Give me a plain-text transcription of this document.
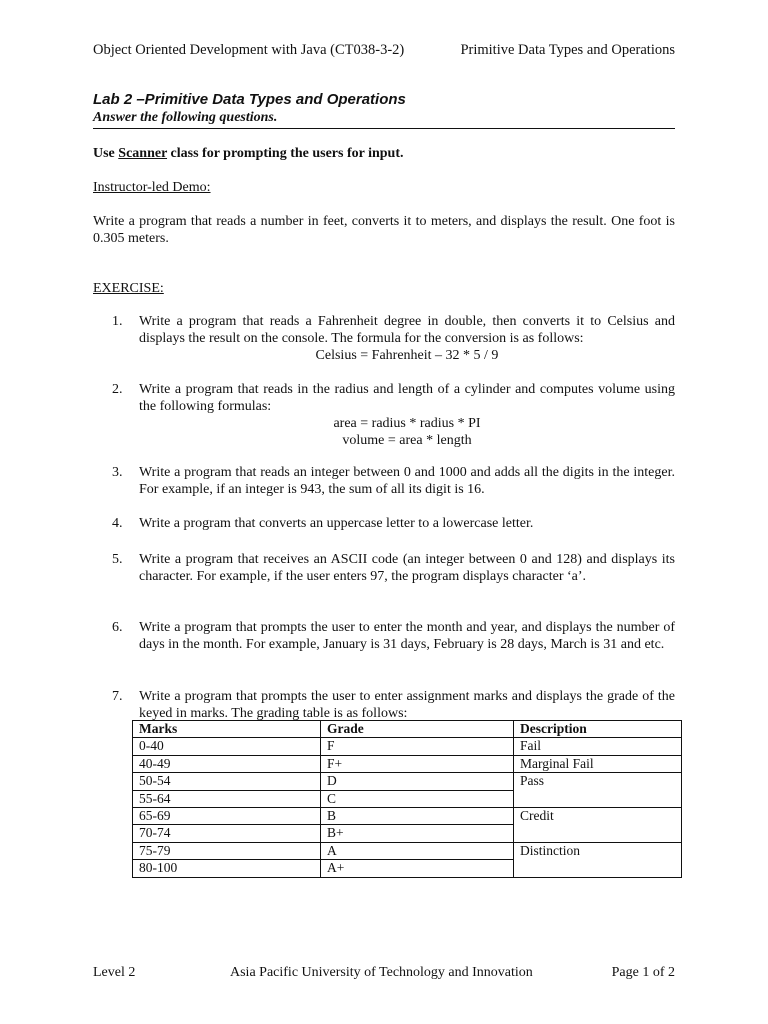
Object Oriented Development with Java (CT038-3-2)	Primitive Data Types and Operations
Lab 2 –Primitive Data Types and Operations
Answer the following questions.
Use Scanner class for prompting the users for input.
Instructor-led Demo:
Write a program that reads a number in feet, converts it to meters, and displays the result. One foot is 0.305 meters.
EXERCISE:
1. Write a program that reads a Fahrenheit degree in double, then converts it to Celsius and displays the result on the console. The formula for the conversion is as follows:
Celsius = Fahrenheit – 32 * 5 / 9
2. Write a program that reads in the radius and length of a cylinder and computes volume using the following formulas:
area = radius * radius * PI
volume = area * length
3. Write a program that reads an integer between 0 and 1000 and adds all the digits in the integer. For example, if an integer is 943, the sum of all its digit is 16.
4. Write a program that converts an uppercase letter to a lowercase letter.
5. Write a program that receives an ASCII code (an integer between 0 and 128) and displays its character. For example, if the user enters 97, the program displays character ‘a’.
6. Write a program that prompts the user to enter the month and year, and displays the number of days in the month. For example, January is 31 days, February is 28 days, March is 31 and etc.
7. Write a program that prompts the user to enter assignment marks and displays the grade of the keyed in marks. The grading table is as follows:
Marks	Grade	Description
0-40	F	Fail
40-49	F+	Marginal Fail
50-54	D	Pass
55-64	C	
65-69	B	Credit
70-74	B+	
75-79	A	Distinction
80-100	A+	
Level 2	Asia Pacific University of Technology and Innovation	Page 1 of 2
